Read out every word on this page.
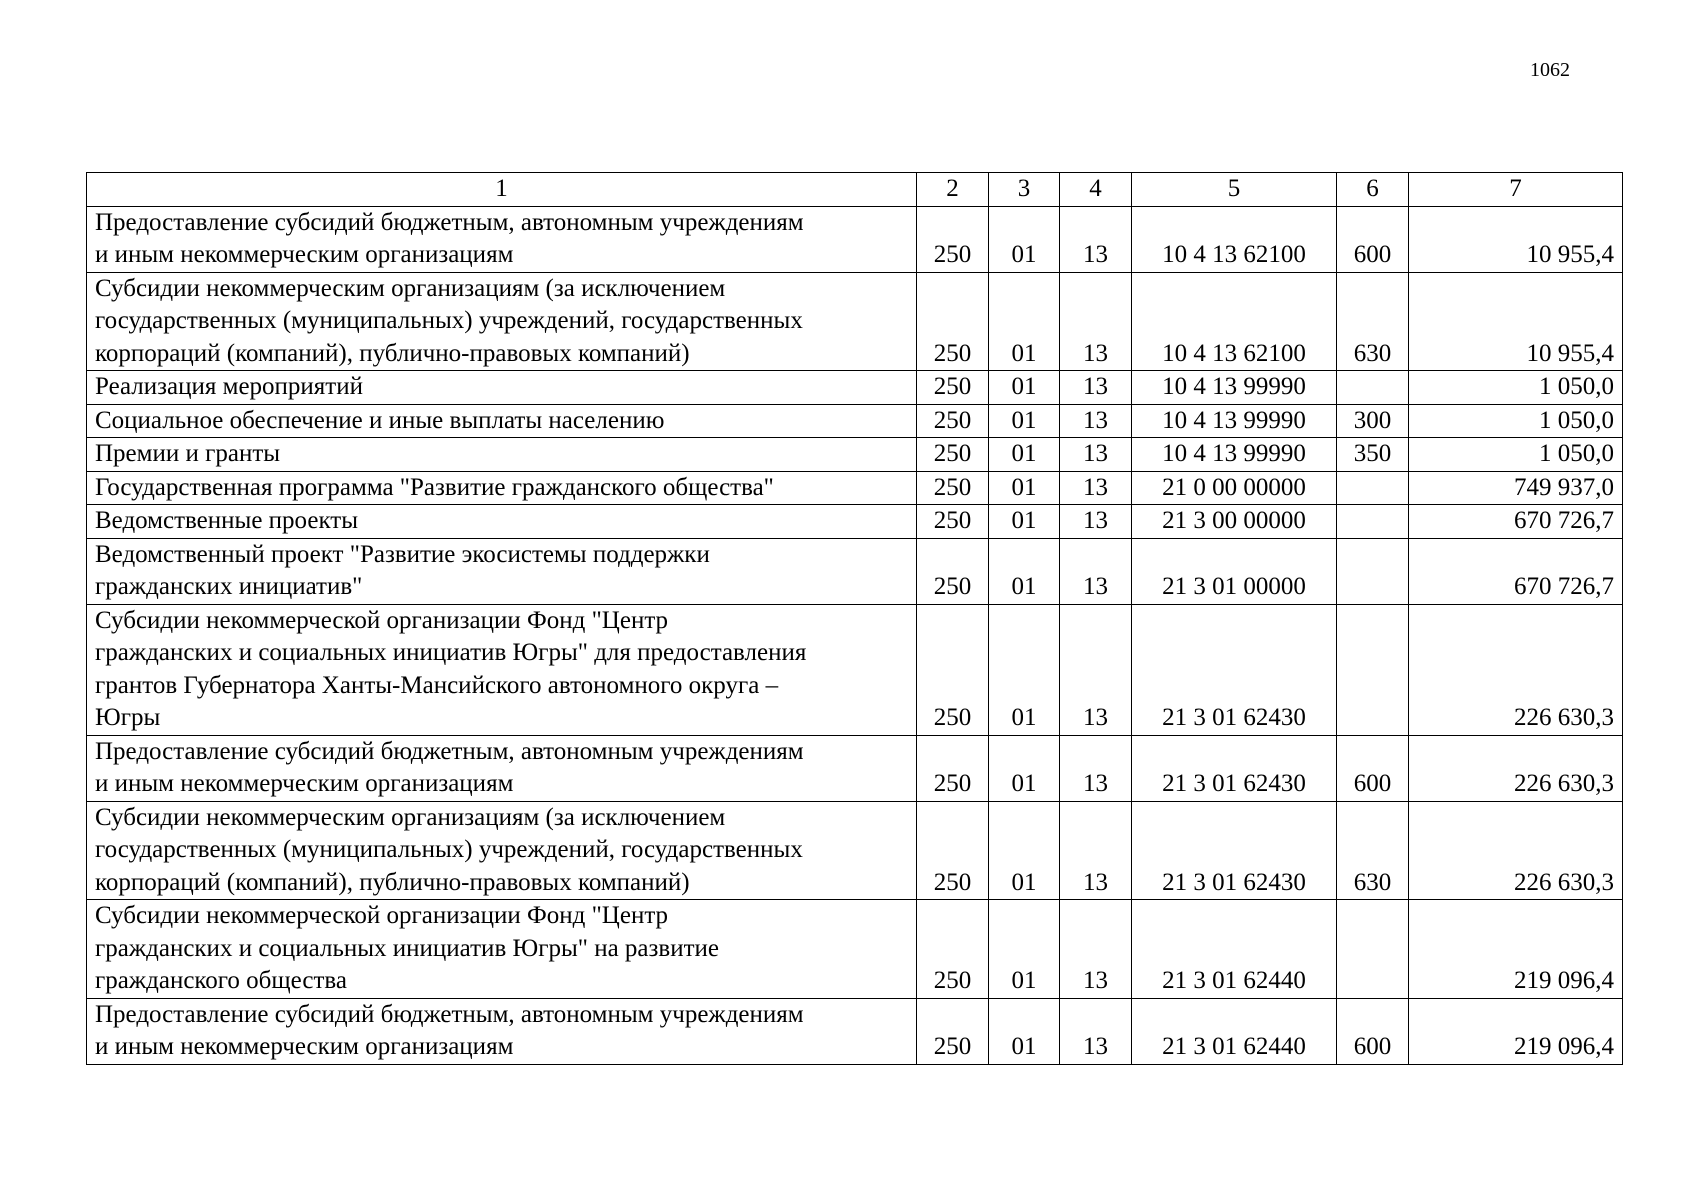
1062
1	2	3	4	5	6	7

Предоставление субсидий бюджетным, автономным учреждениям
и иным некоммерческим организациям	250	01	13	10 4 13 62100	600	10 955,4

Субсидии некоммерческим организациям (за исключением
государственных (муниципальных) учреждений, государственных
корпораций (компаний), публично-правовых компаний)	250	01	13	10 4 13 62100	630	10 955,4

Реализация мероприятий	250	01	13	10 4 13 99990		1 050,0

Социальное обеспечение и иные выплаты населению	250	01	13	10 4 13 99990	300	1 050,0

Премии и гранты	250	01	13	10 4 13 99990	350	1 050,0

Государственная программа "Развитие гражданского общества"	250	01	13	21 0 00 00000		749 937,0

Ведомственные проекты	250	01	13	21 3 00 00000		670 726,7

Ведомственный проект "Развитие экосистемы поддержки
гражданских инициатив"	250	01	13	21 3 01 00000		670 726,7

Субсидии некоммерческой организации Фонд "Центр
гражданских и социальных инициатив Югры" для предоставления
грантов Губернатора Ханты-Мансийского автономного округа –
Югры	250	01	13	21 3 01 62430		226 630,3

Предоставление субсидий бюджетным, автономным учреждениям
и иным некоммерческим организациям	250	01	13	21 3 01 62430	600	226 630,3

Субсидии некоммерческим организациям (за исключением
государственных (муниципальных) учреждений, государственных
корпораций (компаний), публично-правовых компаний)	250	01	13	21 3 01 62430	630	226 630,3

Субсидии некоммерческой организации Фонд "Центр
гражданских и социальных инициатив Югры" на развитие
гражданского общества	250	01	13	21 3 01 62440		219 096,4

Предоставление субсидий бюджетным, автономным учреждениям
и иным некоммерческим организациям	250	01	13	21 3 01 62440	600	219 096,4
